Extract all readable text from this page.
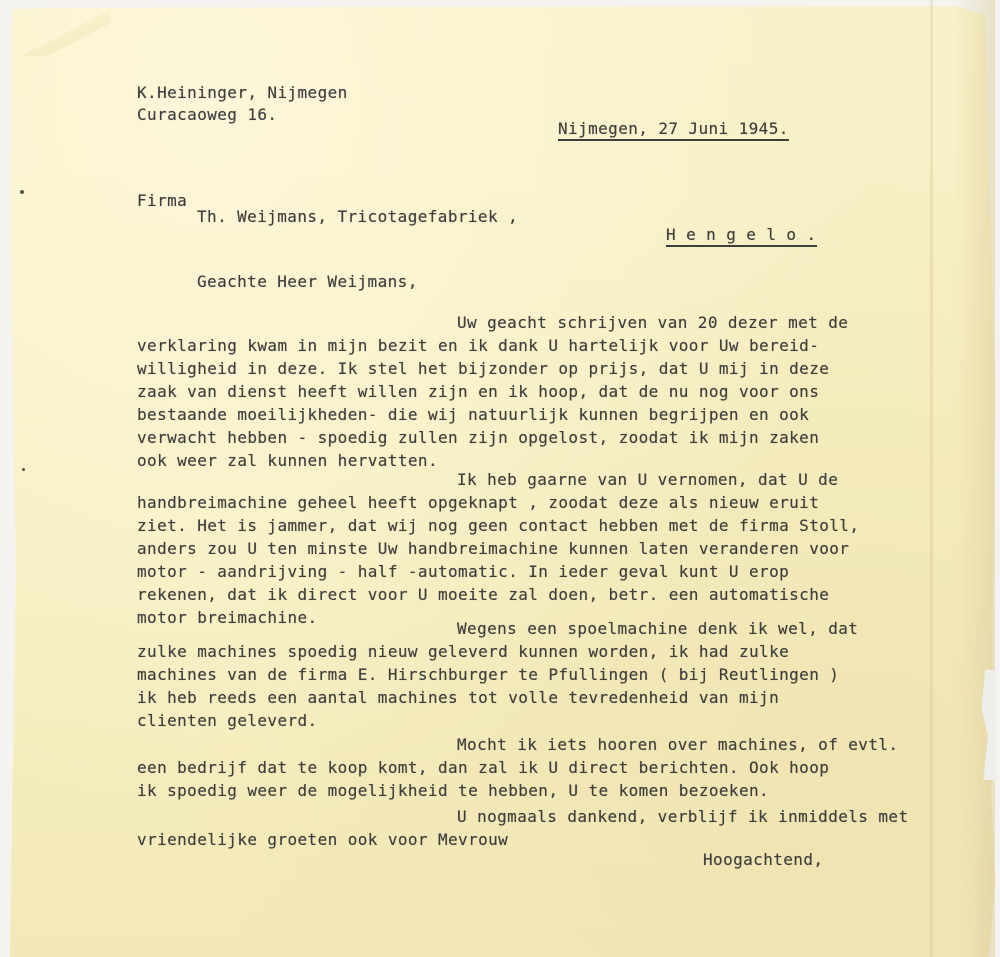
K.Heininger, Nijmegen

Curacaoweg 16.

Nijmegen, 27 Juni 1945.

Firma

Th. Weijmans, Tricotagefabriek ,

H e n g e l o .

Geachte Heer Weijmans,

Uw geacht schrijven van 20 dezer met de
verklaring kwam in mijn bezit en ik dank U hartelijk voor Uw bereid-
willigheid in deze. Ik stel het bijzonder op prijs, dat U mij in deze
zaak van dienst heeft willen zijn en ik hoop, dat de nu nog voor ons
bestaande moeilijkheden- die wij natuurlijk kunnen begrijpen en ook
verwacht hebben - spoedig zullen zijn opgelost, zoodat ik mijn zaken
ook weer zal kunnen hervatten.
Ik heb gaarne van U vernomen, dat U de
handbreimachine geheel heeft opgeknapt , zoodat deze als nieuw eruit
ziet. Het is jammer, dat wij nog geen contact hebben met de firma Stoll,
anders zou U ten minste Uw handbreimachine kunnen laten veranderen voor
motor - aandrijving - half -automatic. In ieder geval kunt U erop
rekenen, dat ik direct voor U moeite zal doen, betr. een automatische
motor breimachine.
Wegens een spoelmachine denk ik wel, dat
zulke machines spoedig nieuw geleverd kunnen worden, ik had zulke
machines van de firma E. Hirschburger te Pfullingen ( bij Reutlingen )
ik heb reeds een aantal machines tot volle tevredenheid van mijn
clienten geleverd.
Mocht ik iets hooren over machines, of evtl.
een bedrijf dat te koop komt, dan zal ik U direct berichten. Ook hoop
ik spoedig weer de mogelijkheid te hebben, U te komen bezoeken.
U nogmaals dankend, verblijf ik inmiddels met
vriendelijke groeten ook voor Mevrouw

Hoogachtend,
